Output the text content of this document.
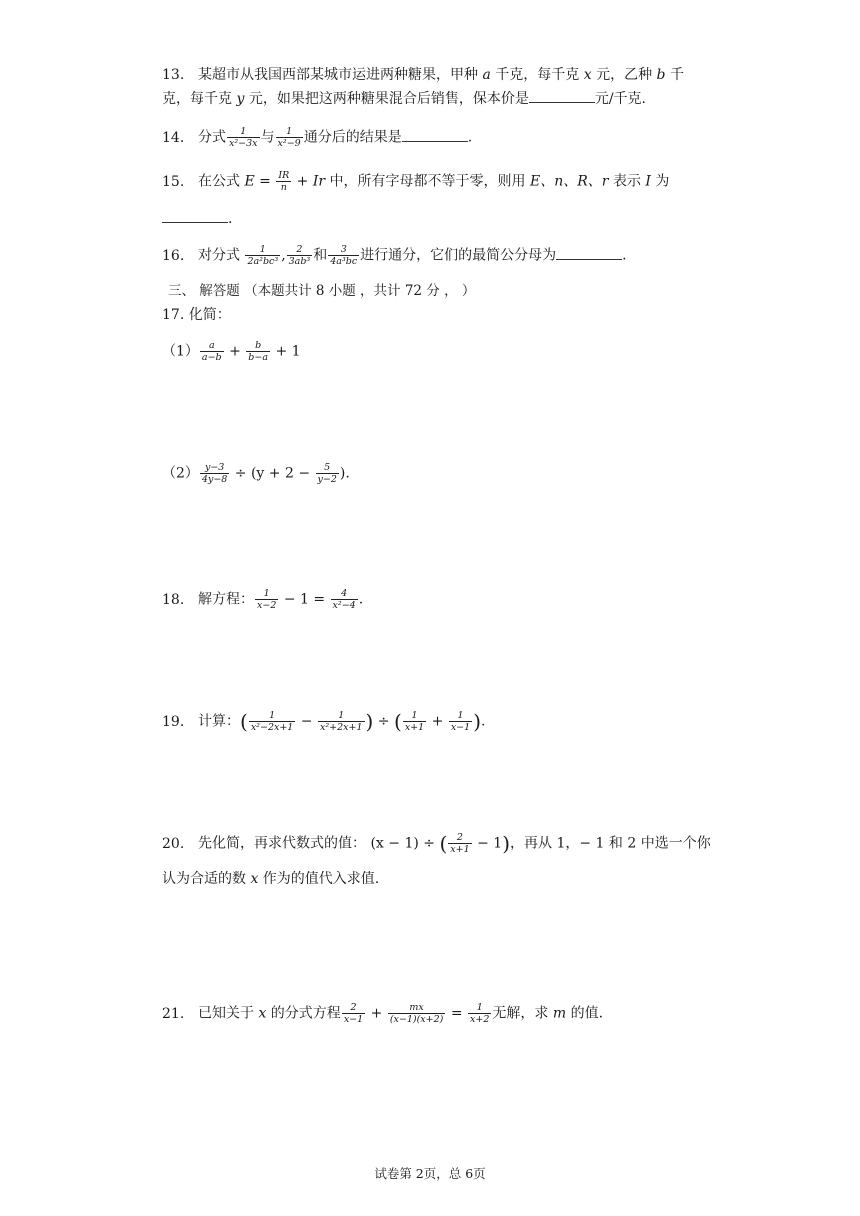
13. 某超市从我国西部某城市运进两种糖果，甲种 a 千克，每千克 x 元，乙种 b 千
克，每千克 y 元，如果把这两种糖果混合后销售，保本价是	元/千克.
14. 分式 $\frac{1}{\text{x²−3x}}$ 与 $\frac{1}{\text{x²−9}}$ 通分后的结果是	.
15. 在公式 $E = \frac{IR}{n} + Ir$ 中，所有字母都不等于零，则用 E、n、R、r 表示 I 为
.
16. 对分式 $\frac{1}{\text{2a²bc³}}$ , $\frac{2}{\text{3ab³}}$ 和 $\frac{3}{\text{4a³bc}}$ 进行通分，它们的最简公分母为	.
三、 解答题 （本题共计 8 小题 ，共计 72 分 ， ）
17. 化简：
$(1) \frac{a}{a-b} + \frac{b}{b-a} + 1$
$(2) \frac{y-3}{4y-8} \div (y + 2 - \frac{5}{y-2}$ ).
18. 解方程： $\frac{1}{x-2} - 1 = \frac{4}{\text{x²−4}}$ .
19. 计算：( $\frac{1}{\text{x²−2x+1}} - \frac{1}{\text{x²+2x+1}}$ ) ÷ ( $\frac{1}{x+1} + \frac{1}{x-1}$ ).
20. 先化简，再求代数式的值： (x − 1) ÷ ( $\frac{2}{x+1} - 1$)，再从 1，− 1 和 2 中选一个你
认为合适的数 x 作为的值代入求值.
21. 已知关于 x 的分式方程 $\frac{2}{x-1} + \frac{mx}{(x-1)(x+2)} = \frac{1}{x+2}$ 无解，求 m 的值.
试卷第 2页，总 6页
